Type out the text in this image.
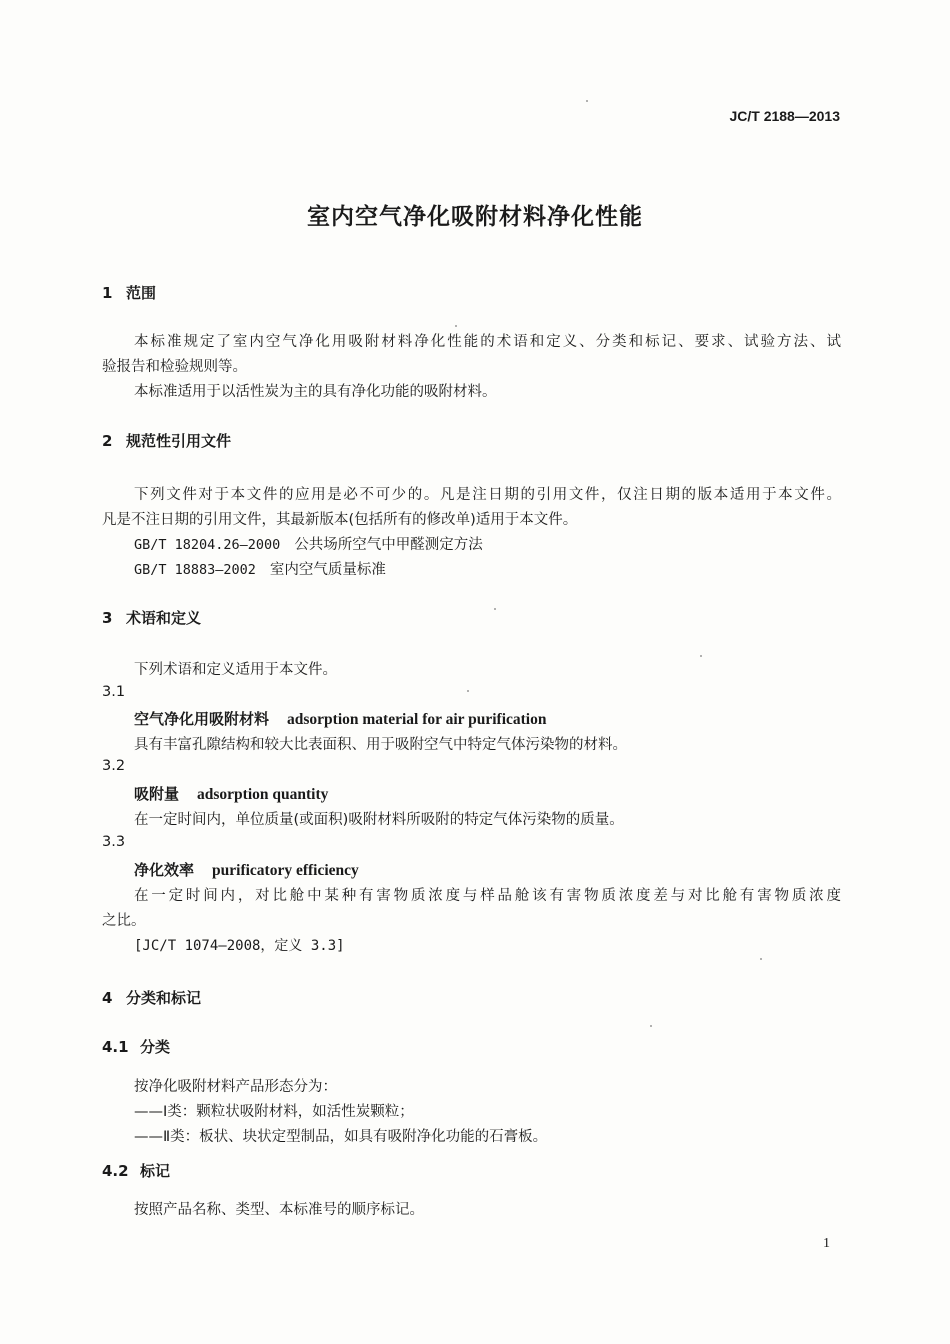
JC/T 2188—2013
室内空气净化吸附材料净化性能
1 范围
本标准规定了室内空气净化用吸附材料净化性能的术语和定义、分类和标记、要求、试验方法、试
验报告和检验规则等。
本标准适用于以活性炭为主的具有净化功能的吸附材料。
2 规范性引用文件
下列文件对于本文件的应用是必不可少的。凡是注日期的引用文件，仅注日期的版本适用于本文件。
凡是不注日期的引用文件，其最新版本(包括所有的修改单)适用于本文件。
GB/T 18204.26—2000 公共场所空气中甲醛测定方法
GB/T 18883—2002 室内空气质量标准
3 术语和定义
下列术语和定义适用于本文件。
3.1
空气净化用吸附材料 adsorption material for air purification
具有丰富孔隙结构和较大比表面积、用于吸附空气中特定气体污染物的材料。
3.2
吸附量 adsorption quantity
在一定时间内，单位质量(或面积)吸附材料所吸附的特定气体污染物的质量。
3.3
净化效率 purificatory efficiency
在一定时间内，对比舱中某种有害物质浓度与样品舱该有害物质浓度差与对比舱有害物质浓度
之比。
[JC/T 1074—2008，定义 3.3]
4 分类和标记
4.1 分类
按净化吸附材料产品形态分为：
——Ⅰ类：颗粒状吸附材料，如活性炭颗粒；
——Ⅱ类：板状、块状定型制品，如具有吸附净化功能的石膏板。
4.2 标记
按照产品名称、类型、本标准号的顺序标记。
1
